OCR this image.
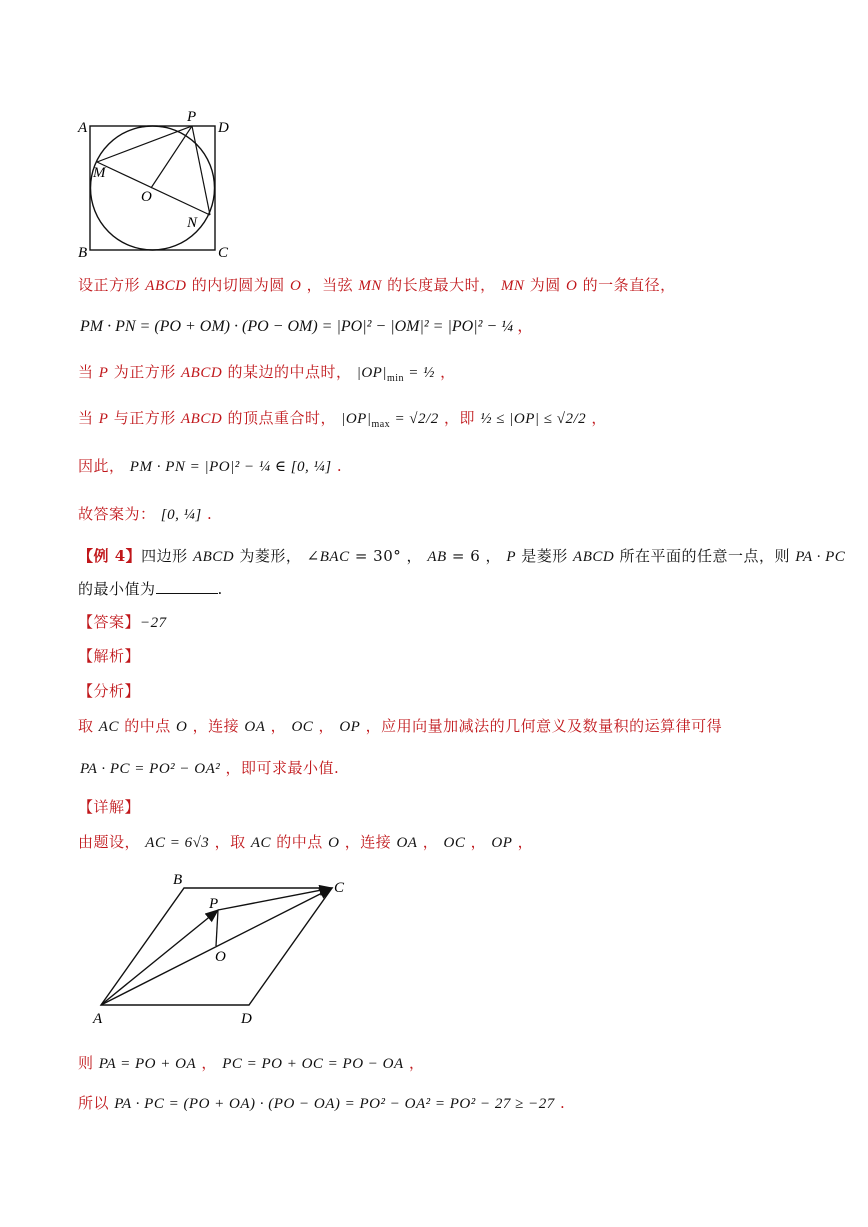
A	D
B	C
P
M
O
N
设正方形 ABCD 的内切圆为圆 O ，当弦 MN 的长度最大时， MN 为圆 O 的一条直径，
PM · PN = (PO + OM) · (PO − OM) = |PO|² − |OM|² = |PO|² − ¼ ，
当 P 为正方形 ABCD 的某边的中点时， $|OP|_{min}$ = ½ ，
当 P 与正方形 ABCD 的顶点重合时， $|OP|_{max} = √2/2$ ，即 ½ ≤ |OP| ≤ √2/2 ，
因此， PM · PN = |PO|² − ¼ ∈ [0, ¼] .
故答案为： [0, ¼] .
【例 4】四边形 ABCD 为菱形， ∠BAC = 30° ， AB = 6 ， P 是菱形 ABCD 所在平面的任意一点，则 PA · PC
的最小值为	.
【答案】−27
【解析】
【分析】
取 AC 的中点 O ，连接 OA ， OC ， OP ，应用向量加减法的几何意义及数量积的运算律可得
PA · PC = PO² − OA² ，即可求最小值.
【详解】
由题设， AC = 6√3 ，取 AC 的中点 O ，连接 OA ， OC ， OP ，
B	C
P
O
A	D
则 PA = PO + OA ， PC = PO + OC = PO − OA ，
所以 PA · PC = (PO + OA) · (PO − OA) = PO² − OA² = PO² − 27 ≥ −27 .
